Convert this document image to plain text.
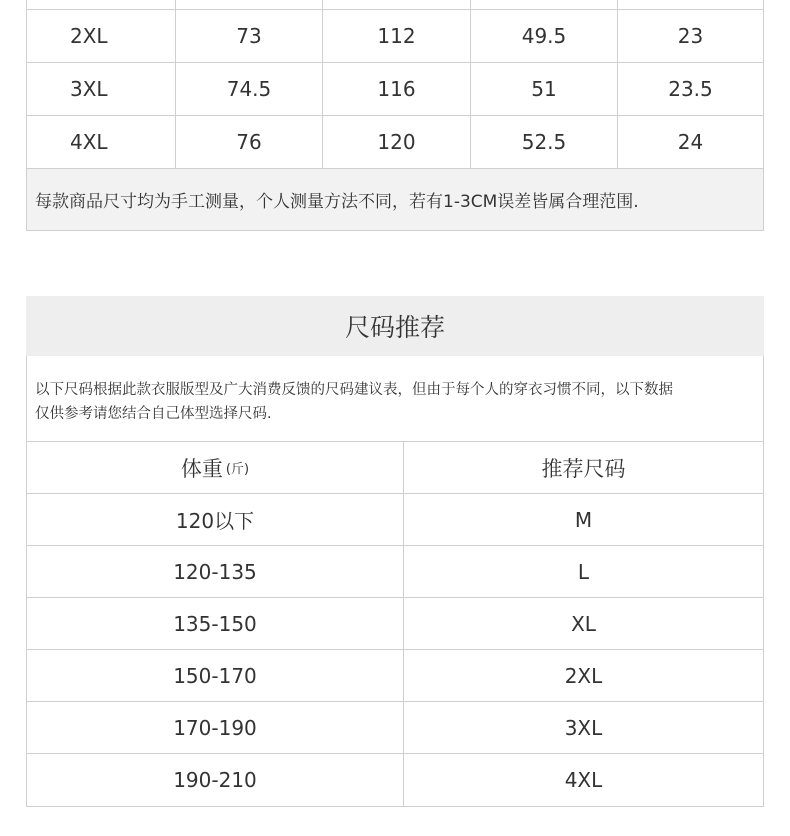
2XL	73	112	49.5	23
3XL	74.5	116	51	23.5
4XL	76	120	52.5	24
每款商品尺寸均为手工测量，个人测量方法不同，若有1-3CM误差皆属合理范围.
尺码推荐
以下尺码根据此款衣服版型及广大消费反馈的尺码建议表，但由于每个人的穿衣习惯不同，以下数据
仅供参考请您结合自己体型选择尺码.
体重 (斤)	推荐尺码
120以下	M
120-135	L
135-150	XL
150-170	2XL
170-190	3XL
190-210	4XL
